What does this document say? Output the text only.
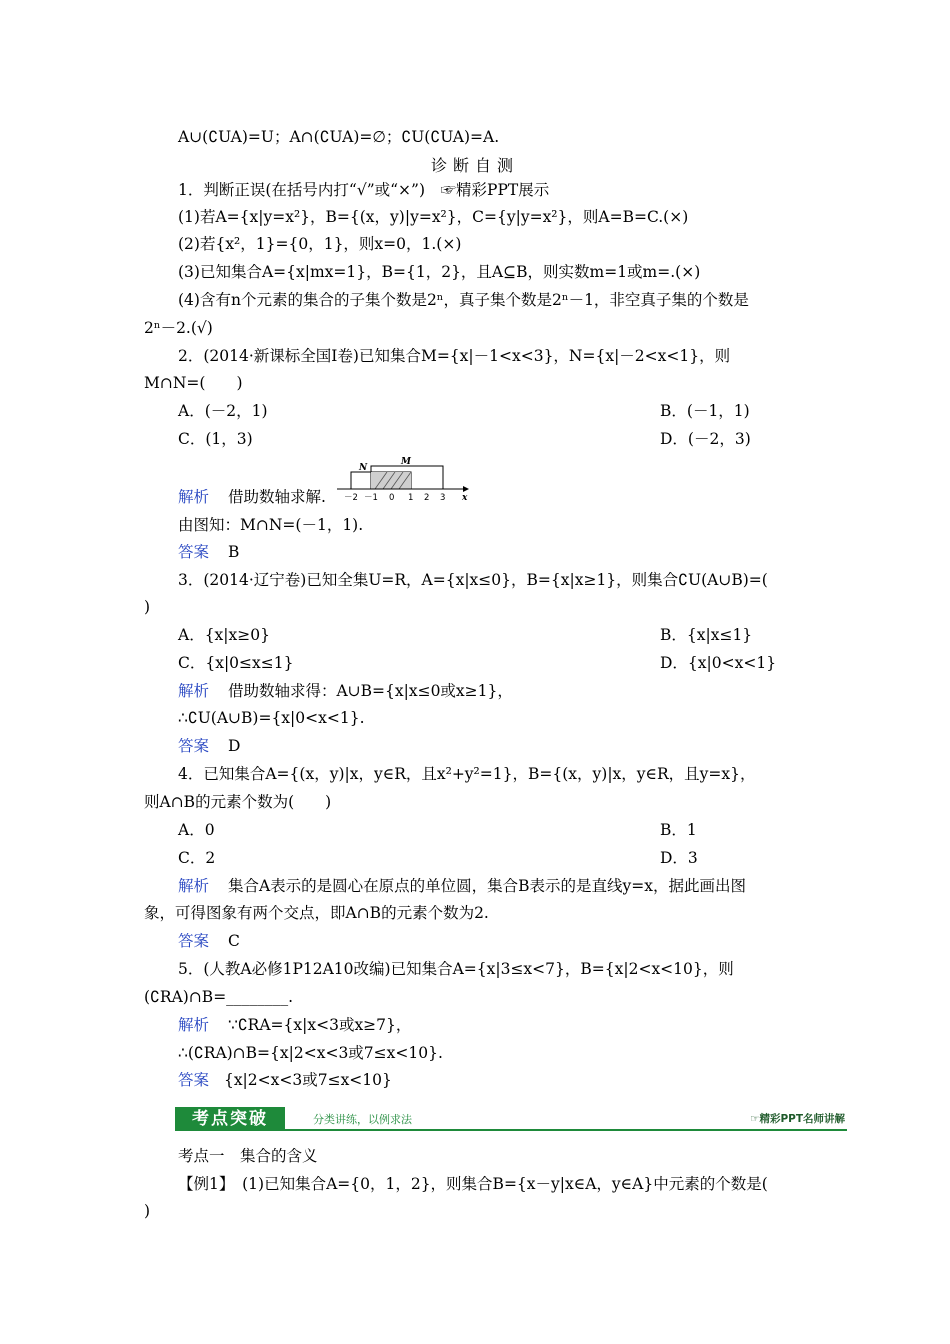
A∪(∁UA)=U；A∩(∁UA)=∅；∁U(∁UA)=A.
诊断自测
1．判断正误(在括号内打“√”或“×”)　☞精彩PPT展示
(1)若A={x|y=x²}，B={(x，y)|y=x²}，C={y|y=x²}，则A=B=C.(×)
(2)若{x²，1}={0，1}，则x=0，1.(×)
(3)已知集合A={x|mx=1}，B={1，2}，且A⊆B，则实数m=1或m=.(×)
(4)含有n个元素的集合的子集个数是2ⁿ，真子集个数是2ⁿ－1，非空真子集的个数是
2ⁿ－2.(√)
2．(2014·新课标全国Ⅰ卷)已知集合M={x|－1<x<3}，N={x|－2<x<1}，则
M∩N=(　　)
A．(－2，1)	B．(－1，1)
C．(1，3)	D．(－2，3)
解析 借助数轴求解.
N
M
－2 －1 0 1 2 3 x
由图知：M∩N=(－1，1).
答案 B
3．(2014·辽宁卷)已知全集U=R，A={x|x≤0}，B={x|x≥1}，则集合∁U(A∪B)=(
)
A．{x|x≥0}	B．{x|x≤1}
C．{x|0≤x≤1}	D．{x|0<x<1}
解析 借助数轴求得：A∪B={x|x≤0或x≥1}，
∴∁U(A∪B)={x|0<x<1}.
答案 D
4．已知集合A={(x，y)|x，y∈R，且x²+y²=1}，B={(x，y)|x，y∈R，且y=x}，
则A∩B的元素个数为(　　)
A．0	B．1
C．2	D．3
解析 集合A表示的是圆心在原点的单位圆，集合B表示的是直线y=x，据此画出图
象，可得图象有两个交点，即A∩B的元素个数为2.
答案 C
5．(人教A必修1P12A10改编)已知集合A={x|3≤x<7}，B={x|2<x<10}，则
(∁RA)∩B=________.
解析 ∵∁RA={x|x<3或x≥7}，
∴(∁RA)∩B={x|2<x<3或7≤x<10}.
答案 {x|2<x<3或7≤x<10}
考点突破	分类讲练，以例求法	☞精彩PPT名师讲解
考点一　集合的含义
【例1】　(1)已知集合A={0，1，2}，则集合B={x－y|x∈A，y∈A}中元素的个数是(
)
